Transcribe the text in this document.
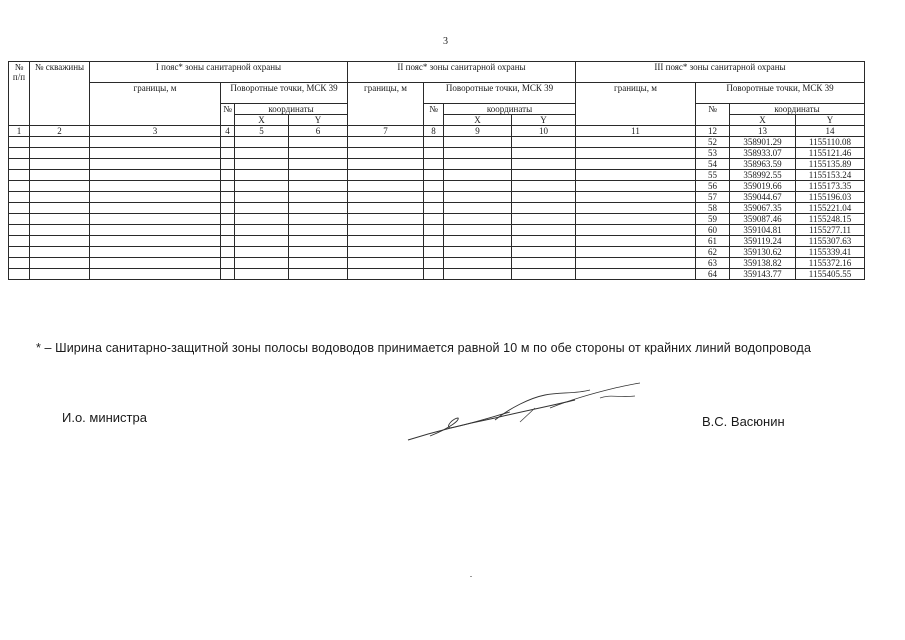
3
№ п/п	№ скважины	I пояс* зоны санитарной охраны				II пояс* зоны санитарной охраны				III пояс* зоны санитарной охраны			
		границы, м	Поворотные точки, МСК 39			границы, м	Поворотные точки, МСК 39			границы, м	Поворотные точки, МСК 39		
			№	координаты			№	координаты			№	координаты	
				X	Y			X	Y			X	Y
1	2	3	4	5	6	7	8	9	10	11	12	13	14
											52	358901.29	1155110.08
											53	358933.07	1155121.46
											54	358963.59	1155135.89
											55	358992.55	1155153.24
											56	359019.66	1155173.35
											57	359044.67	1155196.03
											58	359067.35	1155221.04
											59	359087.46	1155248.15
											60	359104.81	1155277.11
											61	359119.24	1155307.63
											62	359130.62	1155339.41
											63	359138.82	1155372.16
											64	359143.77	1155405.55
* – Ширина санитарно-защитной зоны полосы водоводов принимается равной 10 м по обе стороны от крайних линий водопровода
И.о. министра	В.С. Васюнин
